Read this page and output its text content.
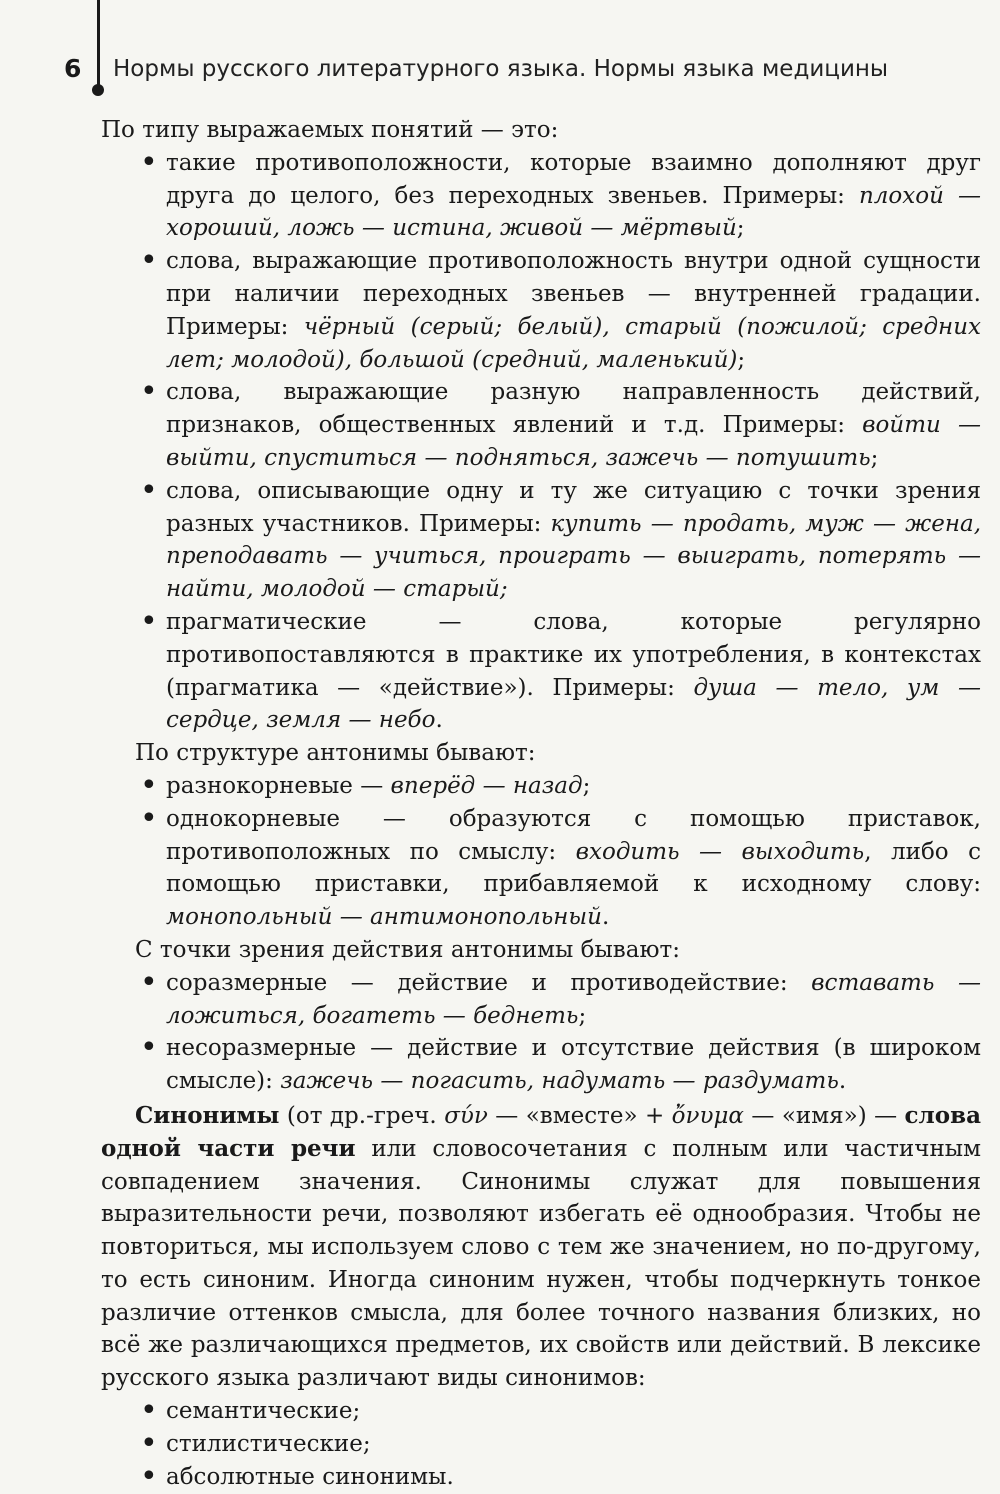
6 Нормы русского литературного языка. Нормы языка медицины

По типу выражаемых понятий — это:

• такие противоположности, которые взаимно дополняют друг друга до целого, без переходных звеньев. Примеры: плохой — хороший, ложь — истина, живой — мёртвый;
• слова, выражающие противоположность внутри одной сущности при наличии переходных звеньев — внутренней градации. Примеры: чёрный (серый; белый), старый (пожилой; средних лет; молодой), большой (средний, маленький);
• слова, выражающие разную направленность действий, признаков, общественных явлений и т.д. Примеры: войти — выйти, спуститься — подняться, зажечь — потушить;
• слова, описывающие одну и ту же ситуацию с точки зрения разных участников. Примеры: купить — продать, муж — жена, преподавать — учиться, проиграть — выиграть, потерять — найти, молодой — старый;
• прагматические — слова, которые регулярно противопоставляются в практике их употребления, в контекстах (прагматика — «действие»). Примеры: душа — тело, ум — сердце, земля — небо.

По структуре антонимы бывают:

• разнокорневые — вперёд — назад;
• однокорневые — образуются с помощью приставок, противоположных по смыслу: входить — выходить, либо с помощью приставки, прибавляемой к исходному слову: монопольный — антимонопольный.

С точки зрения действия антонимы бывают:

• соразмерные — действие и противодействие: вставать — ложиться, богатеть — беднеть;
• несоразмерные — действие и отсутствие действия (в широком смысле): зажечь — погасить, надумать — раздумать.

Синонимы (от др.-греч. σύν — «вместе» + ὄνυμα — «имя») — слова одной части речи или словосочетания с полным или частичным совпадением значения. Синонимы служат для повышения выразительности речи, позволяют избегать её однообразия. Чтобы не повториться, мы используем слово с тем же значением, но по-другому, то есть синоним. Иногда синоним нужен, чтобы подчеркнуть тонкое различие оттенков смысла, для более точного названия близких, но всё же различающихся предметов, их свойств или действий. В лексике русского языка различают виды синонимов:

• семантические;
• стилистические;
• абсолютные синонимы.
